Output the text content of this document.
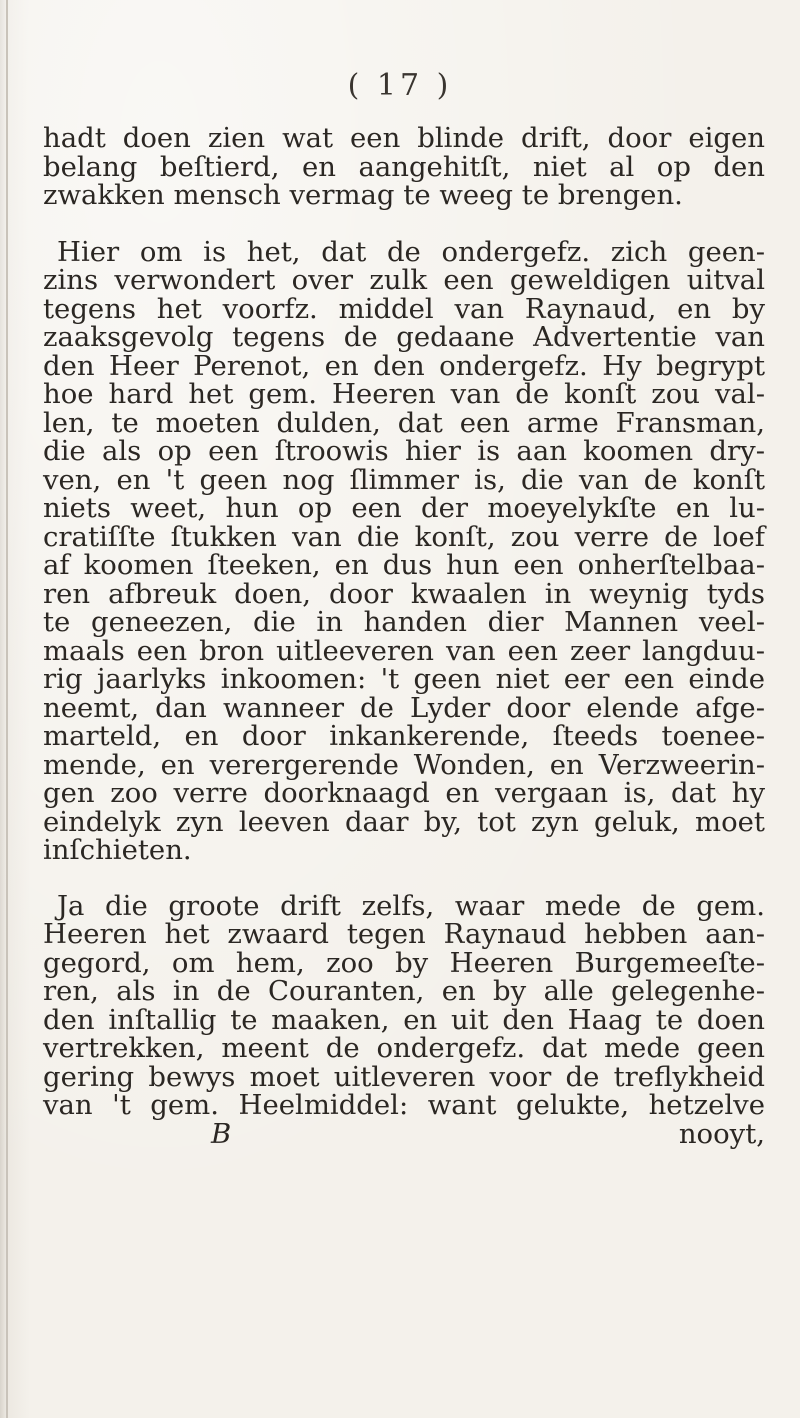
( 17 )
hadt doen zien wat een blinde drift, door eigen
belang beſtierd, en aangehitſt, niet al op den
zwakken mensch vermag te weeg te brengen.
Hier om is het, dat de ondergefz. zich geen-
zins verwondert over zulk een geweldigen uitval
tegens het voorfz. middel van Raynaud, en by
zaaksgevolg tegens de gedaane Advertentie van
den Heer Perenot, en den ondergefz. Hy begrypt
hoe hard het gem. Heeren van de konſt zou val-
len, te moeten dulden, dat een arme Fransman,
die als op een ſtroowis hier is aan koomen dry-
ven, en 't geen nog ſlimmer is, die van de konſt
niets weet, hun op een der moeyelykſte en lu-
cratiſſte ſtukken van die konſt, zou verre de loef
af koomen ſteeken, en dus hun een onherſtelbaa-
ren afbreuk doen, door kwaalen in weynig tyds
te geneezen, die in handen dier Mannen veel-
maals een bron uitleeveren van een zeer langduu-
rig jaarlyks inkoomen: 't geen niet eer een einde
neemt, dan wanneer de Lyder door elende afge-
marteld, en door inkankerende, ſteeds toenee-
mende, en verergerende Wonden, en Verzweerin-
gen zoo verre doorknaagd en vergaan is, dat hy
eindelyk zyn leeven daar by, tot zyn geluk, moet
inſchieten.
Ja die groote drift zelfs, waar mede de gem.
Heeren het zwaard tegen Raynaud hebben aan-
gegord, om hem, zoo by Heeren Burgemeeſte-
ren, als in de Couranten, en by alle gelegenhe-
den inſtallig te maaken, en uit den Haag te doen
vertrekken, meent de ondergefz. dat mede geen
gering bewys moet uitleveren voor de treflykheid
van 't gem. Heelmiddel: want gelukte, hetzelve
B	nooyt,
